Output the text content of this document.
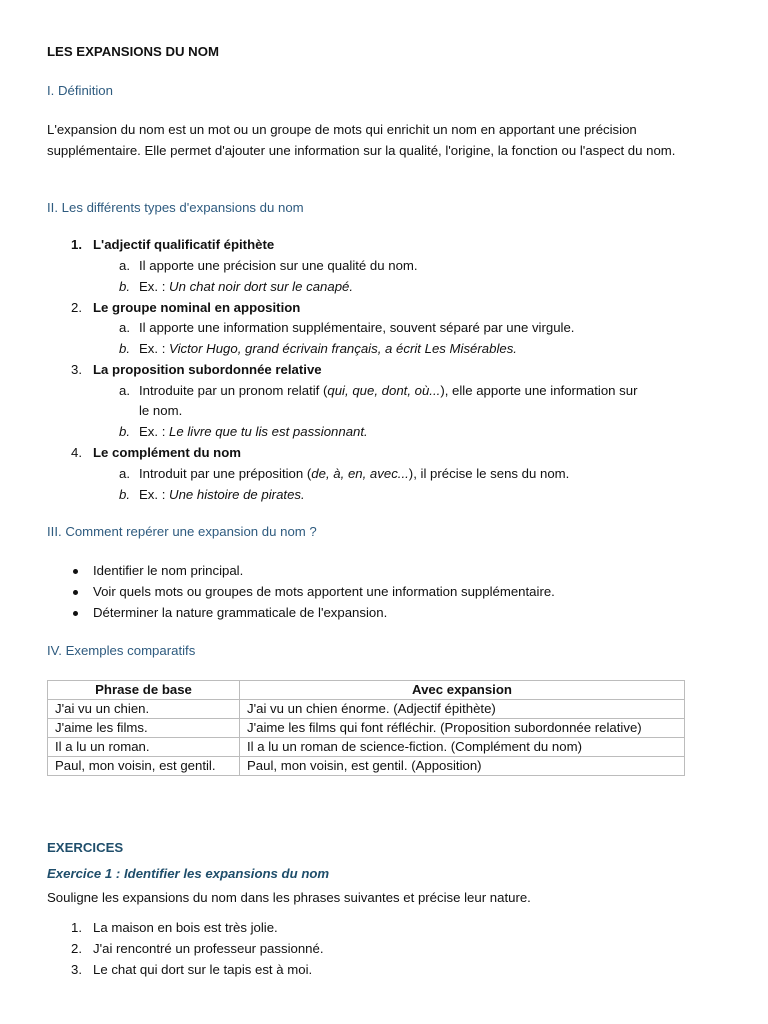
LES EXPANSIONS DU NOM
I. Définition
L'expansion du nom est un mot ou un groupe de mots qui enrichit un nom en apportant une précision supplémentaire. Elle permet d'ajouter une information sur la qualité, l'origine, la fonction ou l'aspect du nom.
II. Les différents types d'expansions du nom
1. L'adjectif qualificatif épithète
a. Il apporte une précision sur une qualité du nom.
b. Ex. : Un chat noir dort sur le canapé.
2. Le groupe nominal en apposition
a. Il apporte une information supplémentaire, souvent séparé par une virgule.
b. Ex. : Victor Hugo, grand écrivain français, a écrit Les Misérables.
3. La proposition subordonnée relative
a. Introduite par un pronom relatif (qui, que, dont, où...), elle apporte une information sur
le nom.
b. Ex. : Le livre que tu lis est passionnant.
4. Le complément du nom
a. Introduit par une préposition (de, à, en, avec...), il précise le sens du nom.
b. Ex. : Une histoire de pirates.
III. Comment repérer une expansion du nom ?
Identifier le nom principal.
Voir quels mots ou groupes de mots apportent une information supplémentaire.
Déterminer la nature grammaticale de l'expansion.
IV. Exemples comparatifs
Phrase de base	Avec expansion
J'ai vu un chien.	J'ai vu un chien énorme. (Adjectif épithète)
J'aime les films.	J'aime les films qui font réfléchir. (Proposition subordonnée relative)
Il a lu un roman.	Il a lu un roman de science-fiction. (Complément du nom)
Paul, mon voisin, est gentil.	Paul, mon voisin, est gentil. (Apposition)
EXERCICES
Exercice 1 : Identifier les expansions du nom
Souligne les expansions du nom dans les phrases suivantes et précise leur nature.
1. La maison en bois est très jolie.
2. J'ai rencontré un professeur passionné.
3. Le chat qui dort sur le tapis est à moi.
